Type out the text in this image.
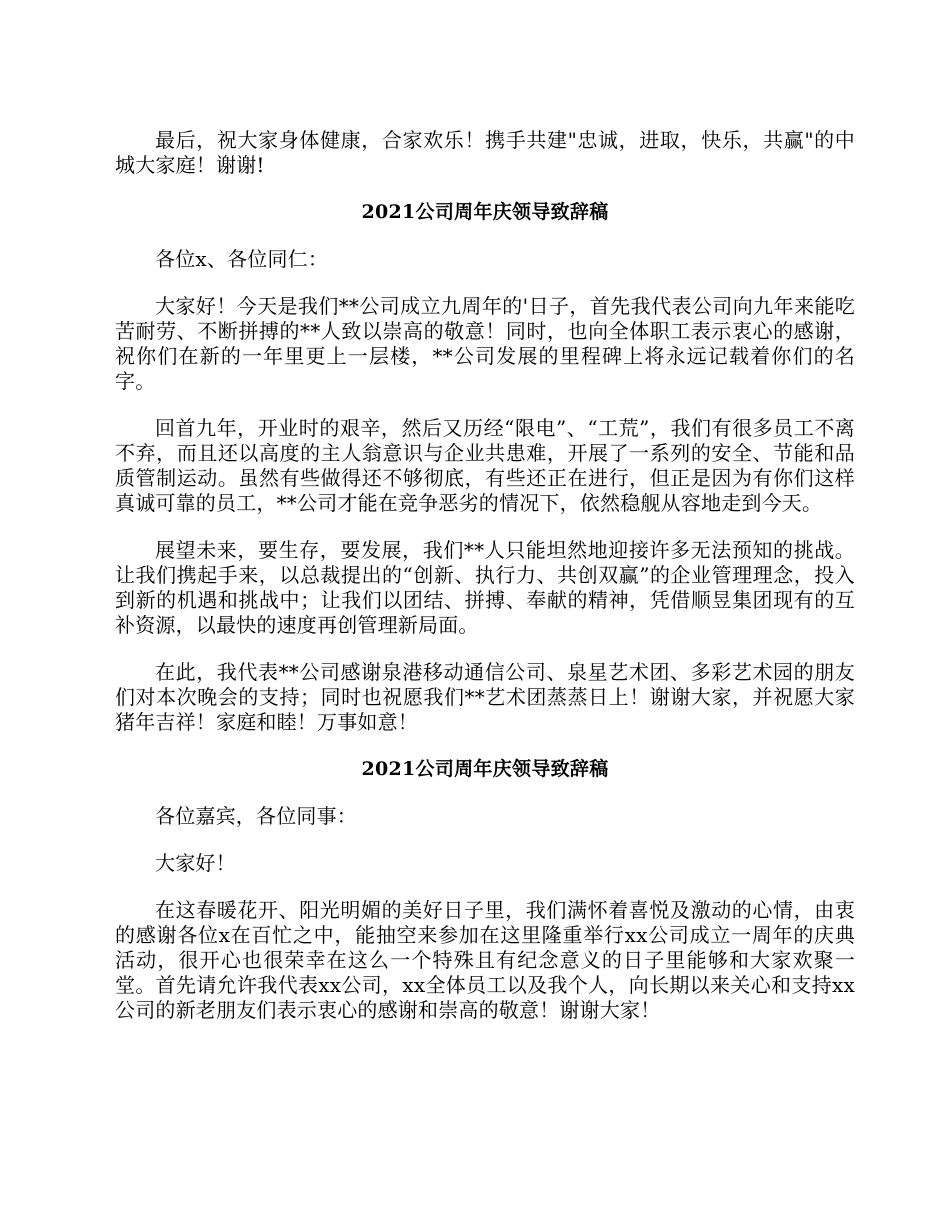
最后，祝大家身体健康，合家欢乐！携手共建"忠诚，进取，快乐，共赢"的中城大家庭！谢谢!

2021公司周年庆领导致辞稿

各位x、各位同仁：

大家好！今天是我们**公司成立九周年的'日子，首先我代表公司向九年来能吃苦耐劳、不断拼搏的**人致以崇高的敬意！同时，也向全体职工表示衷心的感谢，祝你们在新的一年里更上一层楼，**公司发展的里程碑上将永远记载着你们的名字。

回首九年，开业时的艰辛，然后又历经“限电”、“工荒”，我们有很多员工不离不弃，而且还以高度的主人翁意识与企业共患难，开展了一系列的安全、节能和品质管制运动。虽然有些做得还不够彻底，有些还正在进行，但正是因为有你们这样真诚可靠的员工，**公司才能在竞争恶劣的情况下，依然稳舰从容地走到今天。

展望未来，要生存，要发展，我们**人只能坦然地迎接许多无法预知的挑战。让我们携起手来，以总裁提出的“创新、执行力、共创双赢”的企业管理理念，投入到新的机遇和挑战中；让我们以团结、拼搏、奉献的精神，凭借顺昱集团现有的互补资源，以最快的速度再创管理新局面。

在此，我代表**公司感谢泉港移动通信公司、泉星艺术团、多彩艺术园的朋友们对本次晚会的支持；同时也祝愿我们**艺术团蒸蒸日上！谢谢大家，并祝愿大家猪年吉祥！家庭和睦！万事如意！

2021公司周年庆领导致辞稿

各位嘉宾，各位同事：

大家好！

在这春暖花开、阳光明媚的美好日子里，我们满怀着喜悦及激动的心情，由衷的感谢各位x在百忙之中，能抽空来参加在这里隆重举行xx公司成立一周年的庆典活动，很开心也很荣幸在这么一个特殊且有纪念意义的日子里能够和大家欢聚一堂。首先请允许我代表xx公司，xx全体员工以及我个人，向长期以来关心和支持xx公司的新老朋友们表示衷心的感谢和崇高的敬意！谢谢大家！
